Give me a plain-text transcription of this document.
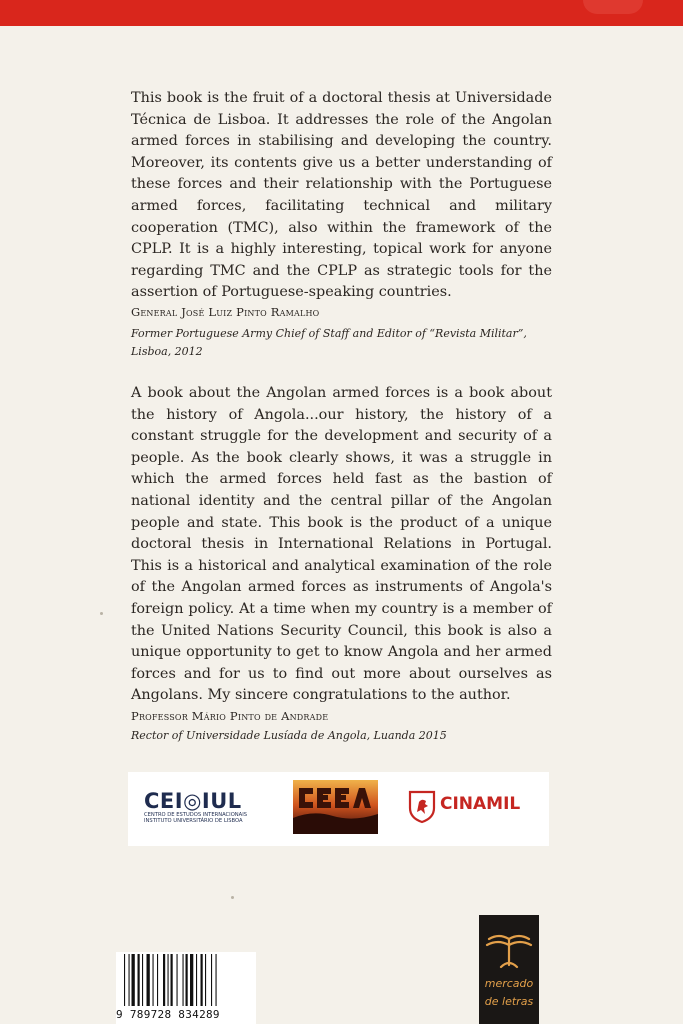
This book is the fruit of a doctoral thesis at Universidade Técnica de Lisboa. It addresses the role of the Angolan armed forces in stabilising and developing the country. Moreover, its contents give us a better understanding of these forces and their relationship with the Portuguese armed forces, facilitating technical and military cooperation (TMC), also within the framework of the CPLP. It is a highly interesting, topical work for anyone regarding TMC and the CPLP as strategic tools for the assertion of Portuguese-speaking countries.

General José Luiz Pinto Ramalho

Former Portuguese Army Chief of Staff and Editor of “Revista Militar”, Lisboa, 2012

A book about the Angolan armed forces is a book about the history of Angola...our history, the history of a constant struggle for the development and security of a people. As the book clearly shows, it was a struggle in which the armed forces held fast as the bastion of national identity and the central pillar of the Angolan people and state. This book is the product of a unique doctoral thesis in International Relations in Portugal. This is a historical and analytical examination of the role of the Angolan armed forces as instruments of Angola's foreign policy. At a time when my country is a member of the United Nations Security Council, this book is also a unique opportunity to get to know Angola and her armed forces and for us to find out more about ourselves as Angolans. My sincere congratulations to the author.

Professor Mário Pinto de Andrade

Rector of Universidade Lusíada de Angola, Luanda 2015

CEI◎IUL
CENTRO DE ESTUDOS INTERNACIONAIS
INSTITUTO UNIVERSITÁRIO DE LISBOA
CINAMIL
9 789728 834289
mercado
de letras
